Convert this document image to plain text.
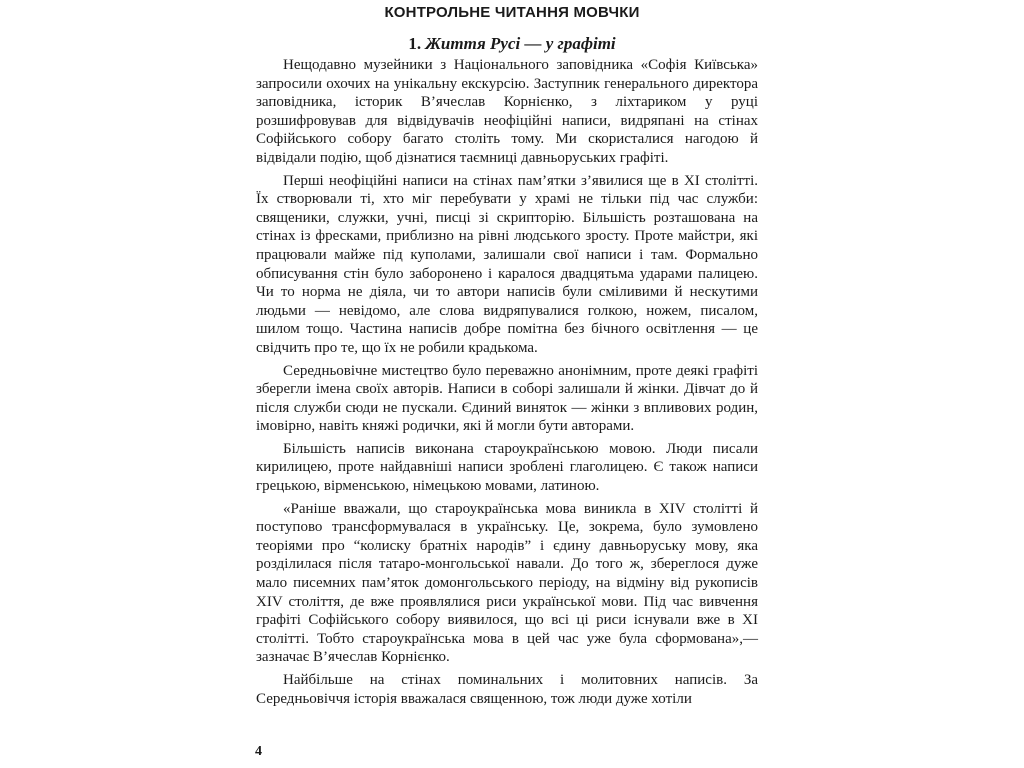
КОНТРОЛЬНЕ ЧИТАННЯ МОВЧКИ
1. Життя Русі — у графіті

Нещодавно музейники з Національного заповідника «Софія Київська» запросили охочих на унікальну екскурсію. Заступник генерального директора заповідника, історик В’ячеслав Корнієнко, з ліхтариком у руці розшифровував для відвідувачів неофіційні написи, видряпані на стінах Софійського собору багато століть тому. Ми скористалися нагодою й відвідали подію, щоб дізнатися таємниці давньоруських графіті.

Перші неофіційні написи на стінах пам’ятки з’явилися ще в XI столітті. Їх створювали ті, хто міг перебувати у храмі не тільки під час служби: священики, служки, учні, писці зі скрипторію. Більшість розташована на стінах із фресками, приблизно на рівні людського зросту. Проте майстри, які працювали майже під куполами, залишали свої написи і там. Формально обписування стін було заборонено і каралося двадцятьма ударами палицею. Чи то норма не діяла, чи то автори написів були сміливими й нескутими людьми — невідомо, але слова видряпувалися голкою, ножем, писалом, шилом тощо. Частина написів добре помітна без бічного освітлення — це свідчить про те, що їх не робили крадькома.

Середньовічне мистецтво було переважно анонімним, проте деякі графіті зберегли імена своїх авторів. Написи в соборі залишали й жінки. Дівчат до й після служби сюди не пускали. Єдиний виняток — жінки з впливових родин, імовірно, навіть княжі родички, які й могли бути авторами.

Більшість написів виконана староукраїнською мовою. Люди писали кирилицею, проте найдавніші написи зроблені глаголицею. Є також написи грецькою, вірменською, німецькою мовами, латиною.

«Раніше вважали, що староукраїнська мова виникла в XIV столітті й поступово трансформувалася в українську. Це, зокрема, було зумовлено теоріями про “колиску братніх народів” і єдину давньоруську мову, яка розділилася після татаро-монгольської навали. До того ж, збереглося дуже мало писемних пам’яток домонгольського періоду, на відміну від рукописів XIV століття, де вже проявлялися риси української мови. Під час вивчення графіті Софійського собору виявилося, що всі ці риси існували вже в XI столітті. Тобто староукраїнська мова в цей час уже була сформована»,— зазначає В’ячеслав Корнієнко.

Найбільше на стінах поминальних і молитовних написів. За Середньовіччя історія вважалася священною, тож люди дуже хотіли

4
